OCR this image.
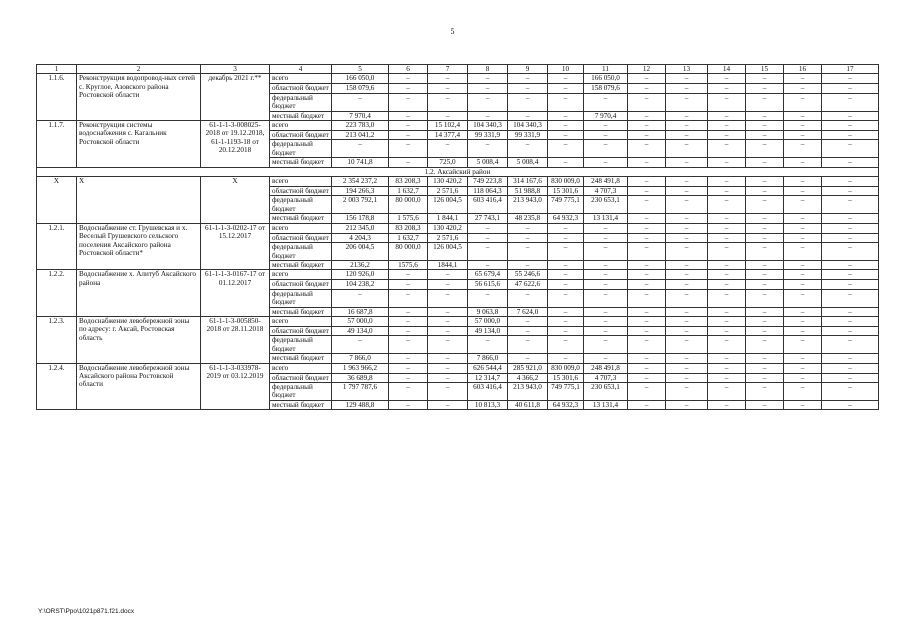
5
1	2	3	4	5	6	7	8	9	10	11	12	13	14	15	16	17
1.1.6.	Реконструкция водопровод-ных сетей с. Круглое, Азовского района Ростовской области	декабрь 2021 г.**	всего	166 050,0	–	–	–	–	–	166 050,0	–	–	–	–	–	–
			областной бюджет	158 079,6	–	–	–	–	–	158 079,6	–	–	–	–	–	–
			федеральный бюджет	–	–	–	–	–	–	–	–	–	–	–	–	–
			местный бюджет	7 970,4	–	–	–	–	–	7 970,4	–	–	–	–	–	–
1.1.7.	Реконструкция системы водоснабжения с. Кагальник Ростовской области	61-1-1-3-008025-2018 от 19.12.2018, 61-1-1193-18 от 20.12.2018	всего	223 783,0	–	15 102,4	104 340,3	104 340,3	–	–	–	–	–	–	–	–
			областной бюджет	213 041,2	–	14 377,4	99 331,9	99 331,9	–	–	–	–	–	–	–	–
			федеральный бюджет	–	–	–	–	–	–	–	–	–	–	–	–	–
			местный бюджет	10 741,8	–	725,0	5 008,4	5 008,4	–	–	–	–	–	–	–	–
1.2. Аксайский район																
Х	Х	Х	всего	2 354 237,2	83 208,3	130 420,2	749 223,8	314 167,6	830 009,0	248 491,8	–	–	–	–	–	–
			областной бюджет	194 266,3	1 632,7	2 571,6	118 064,3	51 988,8	15 301,6	4 707,3	–	–	–	–	–	–
			федеральный бюджет	2 003 792,1	80 000,0	126 004,5	603 416,4	213 943,0	749 775,1	230 653,1	–	–	–	–	–	–
			местный бюджет	156 178,8	1 575,6	1 844,1	27 743,1	48 235,8	64 932,3	13 131,4	–	–	–	–	–	–
1.2.1.	Водоснабжение ст. Грушевская и х. Веселый Грушевского сельского поселения Аксайского района Ростовской области*	61-1-1-3-0202-17 от 15.12.2017	всего	212 345,0	83 208,3	130 420,2	–	–	–	–	–	–	–	–	–	–
			областной бюджет	4 204,3	1 632,7	2 571,6	–	–	–	–	–	–	–	–	–	–
			федеральный бюджет	206 004,5	80 000,0	126 004,5	–	–	–	–	–	–	–	–	–	–
			местный бюджет	2136,2	1575,6	1844,1	–	–	–	–	–	–	–	–	–	–
1.2.2.	Водоснабжение х. Алитуб Аксайского района	61-1-1-3-0167-17 от 01.12.2017	всего	120 926,0	–	–	65 679,4	55 246,6	–	–	–	–	–	–	–	–
			областной бюджет	104 238,2	–	–	56 615,6	47 622,6	–	–	–	–	–	–	–	–
			федеральный бюджет	–	–	–	–	–	–	–	–	–	–	–	–	–
			местный бюджет	16 687,8	–	–	9 063,8	7 624,0	–	–	–	–	–	–	–	–
1.2.3.	Водоснабжение левобережной зоны по адресу: г. Аксай, Ростовская область	61-1-1-3-005850-2018 от 28.11.2018	всего	57 000,0	–	–	57 000,0	–	–	–	–	–	–	–	–	–
			областной бюджет	49 134,0	–	–	49 134,0	–	–	–	–	–	–	–	–	–
			федеральный бюджет	–	–	–	–	–	–	–	–	–	–	–	–	–
			местный бюджет	7 866,0	–	–	7 866,0	–	–	–	–	–	–	–	–	–
1.2.4.	Водоснабжение левобережной зоны Аксайского района Ростовской области	61-1-1-3-033978-2019 от 03.12.2019	всего	1 963 966,2	–	–	626 544,4	285 921,0	830 009,0	248 491,8	–	–	–	–	–	–
			областной бюджет	36 689,8	–	–	12 314,7	4 366,2	15 301,6	4 707,3	–	–	–	–	–	–
			федеральный бюджет	1 797 787,6	–	–	603 416,4	213 943,0	749 775,1	230 653,1	–	–	–	–	–	–
			местный бюджет	129 488,8	–	–	10 813,3	40 611,8	64 932,3	13 131,4	–	–	–	–	–	–
Y:\ORST\Ppo\1021p871.f21.docx
